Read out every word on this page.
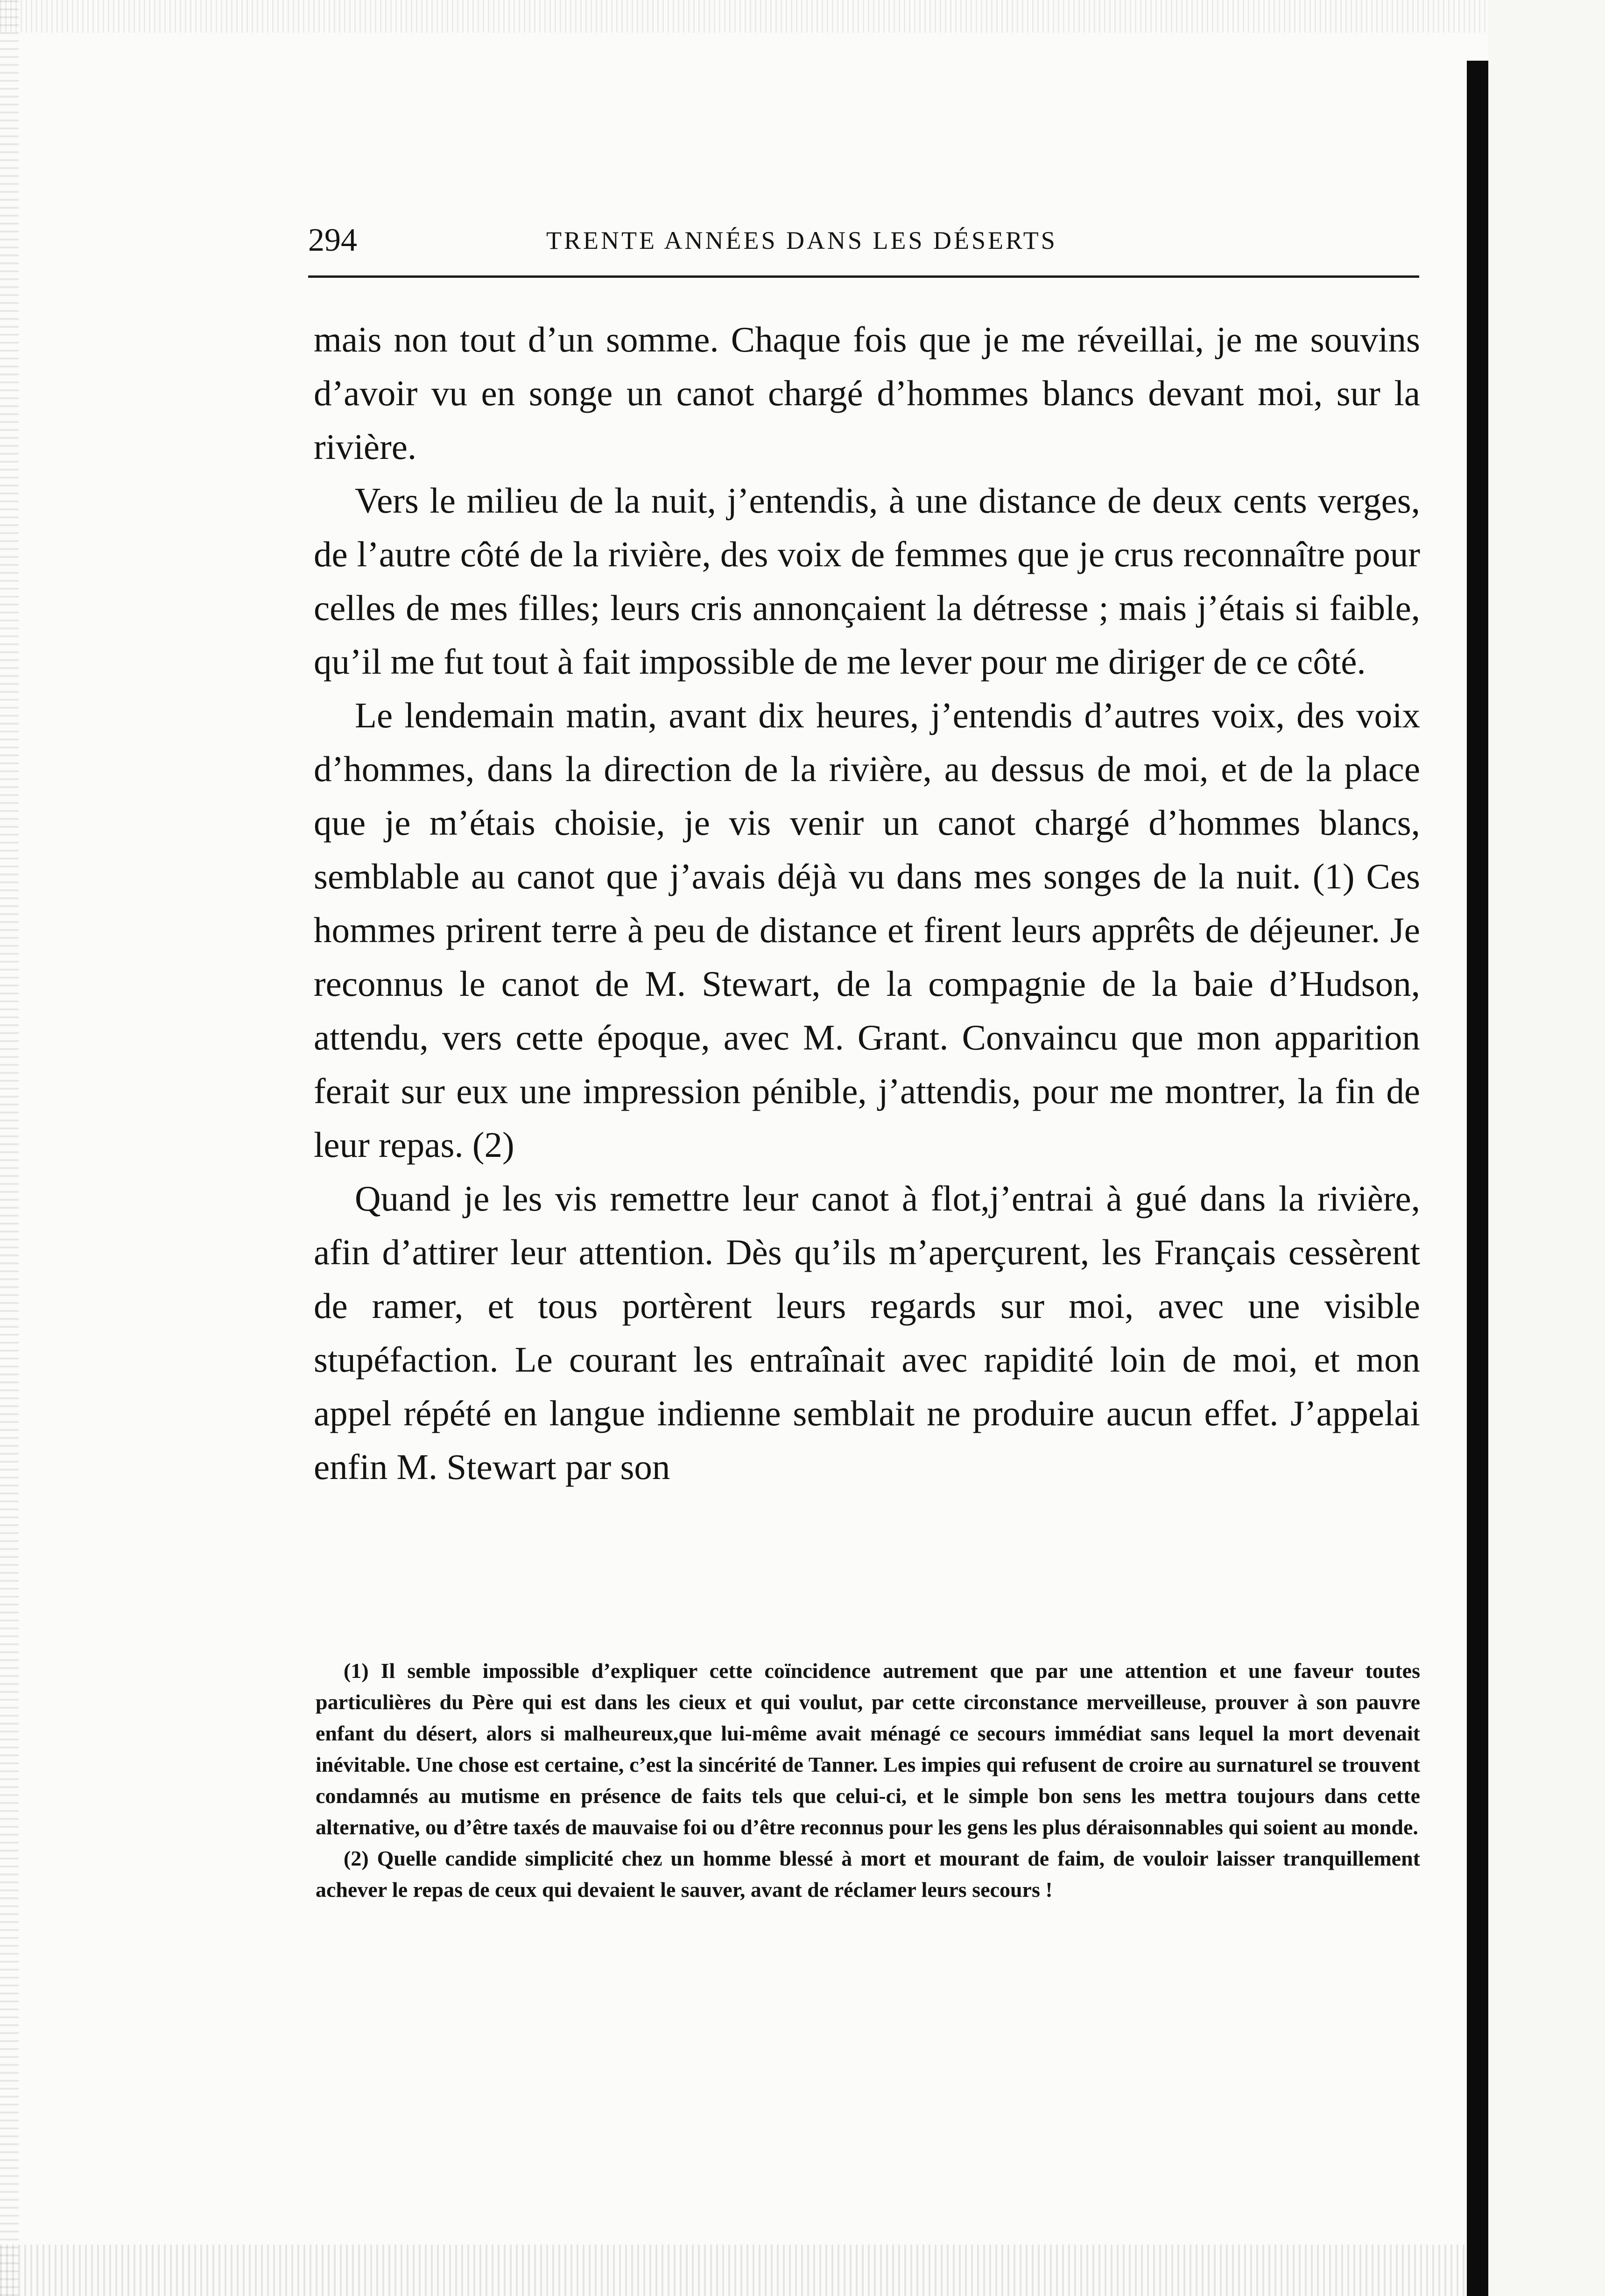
294	TRENTE ANNÉES DANS LES DÉSERTS

mais non tout d’un somme. Chaque fois que je me réveillai, je me souvins d’avoir vu en songe un canot chargé d’hommes blancs devant moi, sur la rivière.

Vers le milieu de la nuit, j’entendis, à une distance de deux cents verges, de l’autre côté de la rivière, des voix de femmes que je crus reconnaître pour celles de mes filles; leurs cris annonçaient la détresse ; mais j’étais si faible, qu’il me fut tout à fait impossible de me lever pour me diriger de ce côté.

Le lendemain matin, avant dix heures, j’entendis d’autres voix, des voix d’hommes, dans la direction de la rivière, au dessus de moi, et de la place que je m’étais choisie, je vis venir un canot chargé d’hommes blancs, semblable au canot que j’avais déjà vu dans mes songes de la nuit. (1) Ces hommes prirent terre à peu de distance et firent leurs apprêts de déjeuner. Je reconnus le canot de M. Stewart, de la compagnie de la baie d’Hudson, attendu, vers cette époque, avec M. Grant. Convaincu que mon apparition ferait sur eux une impression pénible, j’attendis, pour me montrer, la fin de leur repas. (2)

Quand je les vis remettre leur canot à flot,j’entrai à gué dans la rivière, afin d’attirer leur attention. Dès qu’ils m’aperçurent, les Français cessèrent de ramer, et tous portèrent leurs regards sur moi, avec une visible stupéfaction. Le courant les entraînait avec rapidité loin de moi, et mon appel répété en langue indienne semblait ne produire aucun effet. J’appelai enfin M. Stewart par son

(1) Il semble impossible d’expliquer cette coïncidence autrement que par une attention et une faveur toutes particulières du Père qui est dans les cieux et qui voulut, par cette circonstance merveilleuse, prouver à son pauvre enfant du désert, alors si malheureux,que lui-même avait ménagé ce secours immédiat sans lequel la mort devenait inévitable. Une chose est certaine, c’est la sincérité de Tanner. Les impies qui refusent de croire au surnaturel se trouvent condamnés au mutisme en présence de faits tels que celui-ci, et le simple bon sens les mettra toujours dans cette alternative, ou d’être taxés de mauvaise foi ou d’être reconnus pour les gens les plus déraisonnables qui soient au monde.

(2) Quelle candide simplicité chez un homme blessé à mort et mourant de faim, de vouloir laisser tranquillement achever le repas de ceux qui devaient le sauver, avant de réclamer leurs secours !
